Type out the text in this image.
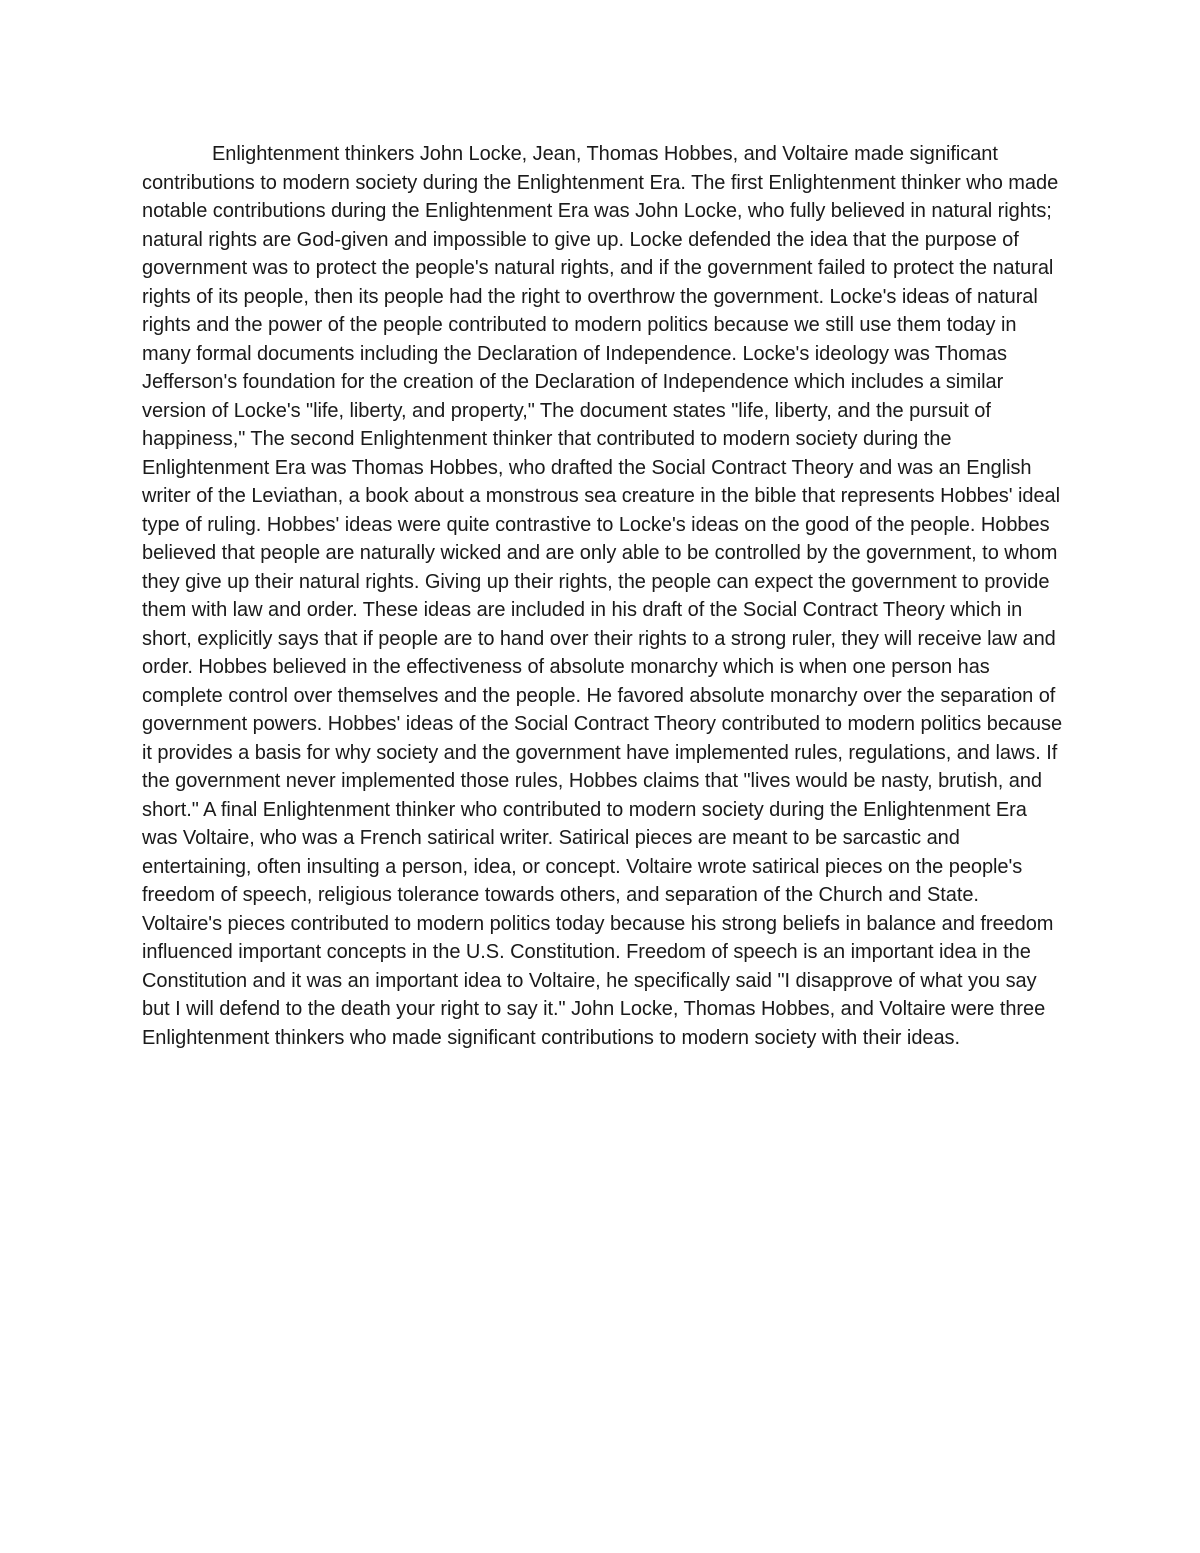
Enlightenment thinkers John Locke, Jean, Thomas Hobbes, and Voltaire made significant contributions to modern society during the Enlightenment Era. The first Enlightenment thinker who made notable contributions during the Enlightenment Era was John Locke, who fully believed in natural rights; natural rights are God-given and impossible to give up. Locke defended the idea that the purpose of government was to protect the people's natural rights, and if the government failed to protect the natural rights of its people, then its people had the right to overthrow the government. Locke's ideas of natural rights and the power of the people contributed to modern politics because we still use them today in many formal documents including the Declaration of Independence. Locke's ideology was Thomas Jefferson's foundation for the creation of the Declaration of Independence which includes a similar version of Locke's "life, liberty, and property," The document states "life, liberty, and the pursuit of happiness," The second Enlightenment thinker that contributed to modern society during the Enlightenment Era was Thomas Hobbes, who drafted the Social Contract Theory and was an English writer of the Leviathan, a book about a monstrous sea creature in the bible that represents Hobbes' ideal type of ruling. Hobbes' ideas were quite contrastive to Locke's ideas on the good of the people. Hobbes believed that people are naturally wicked and are only able to be controlled by the government, to whom they give up their natural rights. Giving up their rights, the people can expect the government to provide them with law and order. These ideas are included in his draft of the Social Contract Theory which in short, explicitly says that if people are to hand over their rights to a strong ruler, they will receive law and order. Hobbes believed in the effectiveness of absolute monarchy which is when one person has complete control over themselves and the people. He favored absolute monarchy over the separation of government powers. Hobbes' ideas of the Social Contract Theory contributed to modern politics because it provides a basis for why society and the government have implemented rules, regulations, and laws. If the government never implemented those rules, Hobbes claims that "lives would be nasty, brutish, and short." A final Enlightenment thinker who contributed to modern society during the Enlightenment Era was Voltaire, who was a French satirical writer. Satirical pieces are meant to be sarcastic and entertaining, often insulting a person, idea, or concept. Voltaire wrote satirical pieces on the people's freedom of speech, religious tolerance towards others, and separation of the Church and State. Voltaire's pieces contributed to modern politics today because his strong beliefs in balance and freedom influenced important concepts in the U.S. Constitution. Freedom of speech is an important idea in the Constitution and it was an important idea to Voltaire, he specifically said "I disapprove of what you say but I will defend to the death your right to say it." John Locke, Thomas Hobbes, and Voltaire were three Enlightenment thinkers who made significant contributions to modern society with their ideas.
